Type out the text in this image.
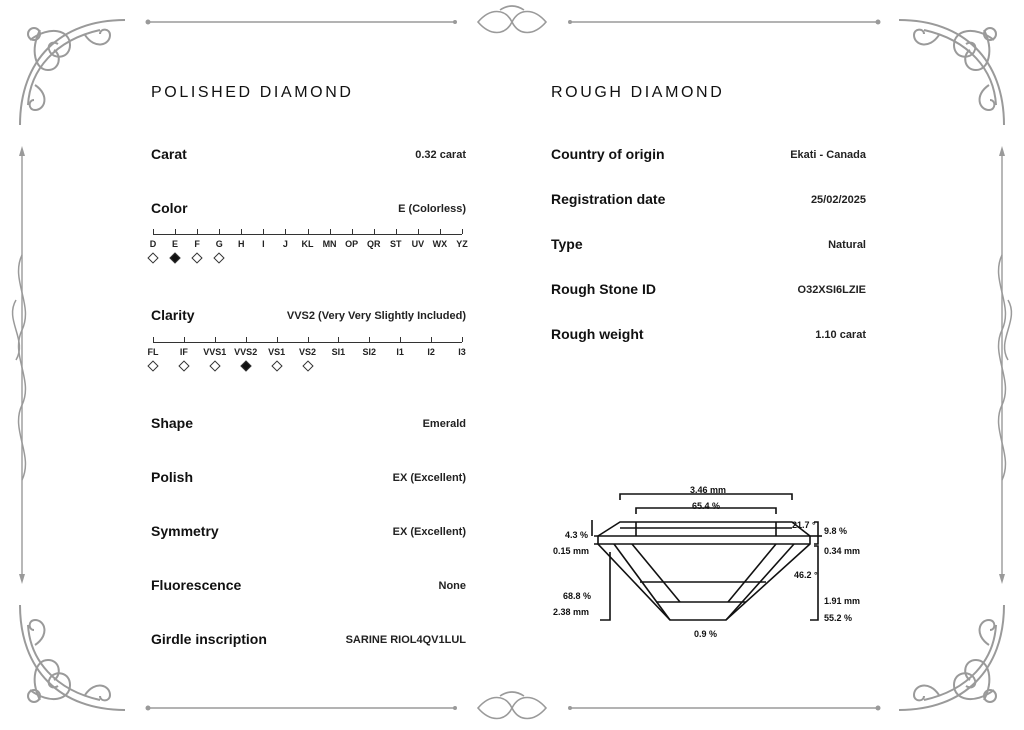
POLISHED DIAMOND
Carat	0.32 carat
Color	E (Colorless)
D E F G H I J KL MN OP QR ST UV WX YZ
Clarity	VVS2 (Very Very Slightly Included)
FL IF VVS1 VVS2 VS1 VS2 SI1 SI2 I1	I2	I3
Shape	Emerald
Polish	EX (Excellent)
Symmetry	EX (Excellent)
Fluorescence	None
Girdle inscription	SARINE RIOL4QV1LUL
ROUGH DIAMOND
Country of origin	Ekati - Canada
Registration date	25/02/2025
Type	Natural
Rough Stone ID	O32XSI6LZIE
Rough weight	1.10 carat
3.46 mm
65.4 %
4.3 %
0.15 mm
21.7 °
9.8 %
0.34 mm
46.2 °
68.8 %
2.38 mm
1.91 mm
55.2 %
0.9 %
